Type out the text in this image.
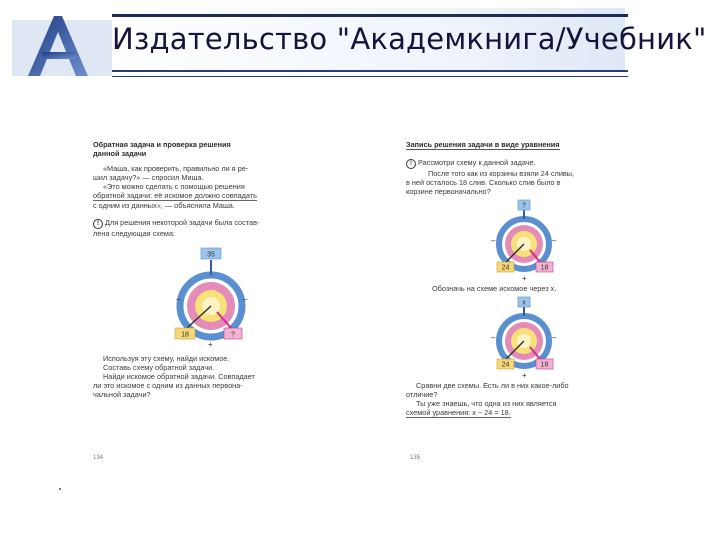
Издательство "Академкнига/Учебник"
Обратная задача и проверка решения
данной задачи
«Маша, как проверить, правильно ли я ре-
шил задачу?» — спросил Миша.
«Это можно сделать с помощью решения
обратной задачи: её искомое должно совпадать
с одним из данных», — объяснила Маша.
! Для решения некоторой задачи была состав-
лена следующая схема:
35
18	?
–	–
+
Используя эту схему, найди искомое.
Составь схему обратной задачи.
Найди искомое обратной задачи. Совпадает
ли это искомое с одним из данных первона-
чальной задачи?
134
Запись решения задачи в виде уравнения
! Рассмотри схему к данной задаче.
После того как из корзины взяли 24 сливы,
в ней осталось 18 слив. Сколько слив было в
корзине первоначально?
?
24	18
–	–
+
Обозначь на схеме искомое через x.
x
24	18
–	–
+
Сравни две схемы. Есть ли в них какое-либо
отличие?
Ты уже знаешь, что одна из них является
схемой уравнения: x − 24 = 18.
135
